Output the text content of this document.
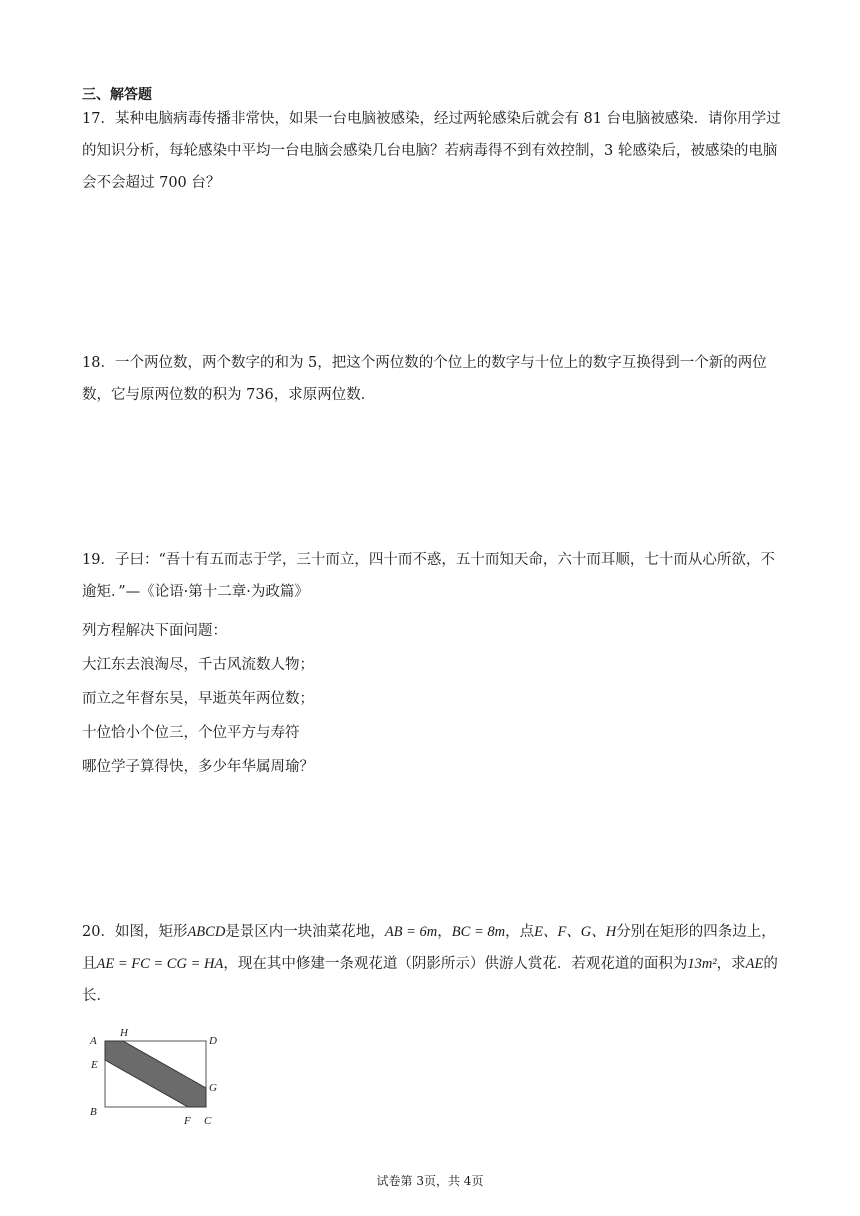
三、解答题

17．某种电脑病毒传播非常快，如果一台电脑被感染，经过两轮感染后就会有 81 台电脑被感染．请你用学过的知识分析，每轮感染中平均一台电脑会感染几台电脑？若病毒得不到有效控制，3 轮感染后，被感染的电脑会不会超过 700 台？

18．一个两位数，两个数字的和为 5，把这个两位数的个位上的数字与十位上的数字互换得到一个新的两位数，它与原两位数的积为 736，求原两位数．

19．子曰：“吾十有五而志于学，三十而立，四十而不惑，五十而知天命，六十而耳顺，七十而从心所欲，不逾矩．”—《论语·第十二章·为政篇》

列方程解决下面问题：
大江东去浪淘尽，千古风流数人物；
而立之年督东吴，早逝英年两位数；
十位恰小个位三，个位平方与寿符
哪位学子算得快，多少年华属周瑜？

20．如图，矩形ABCD是景区内一块油菜花地，AB = 6m，BC = 8m，点E、F、G、H分别在矩形的四条边上，且AE = FC = CG = HA，现在其中修建一条观花道（阴影所示）供游人赏花．若观花道的面积为13m²，求AE的长．

A
H
D
E
G
B
F C
试卷第 3页，共 4页
